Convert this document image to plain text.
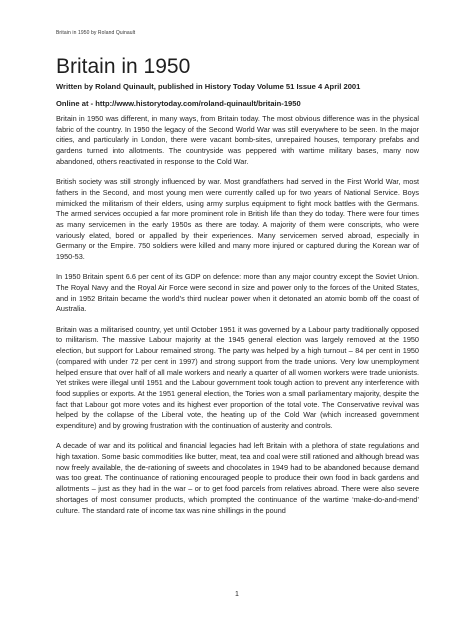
Britain in 1950 by Roland Quinault
Britain in 1950
Written by Roland Quinault, published in History Today Volume 51 Issue 4 April 2001
Online at - http://www.historytoday.com/roland-quinault/britain-1950

Britain in 1950 was different, in many ways, from Britain today. The most obvious difference was in the physical fabric of the country. In 1950 the legacy of the Second World War was still everywhere to be seen. In the major cities, and particularly in London, there were vacant bomb-sites, unrepaired houses, temporary prefabs and gardens turned into allotments. The countryside was peppered with wartime military bases, many now abandoned, others reactivated in response to the Cold War.

British society was still strongly influenced by war. Most grandfathers had served in the First World War, most fathers in the Second, and most young men were currently called up for two years of National Service. Boys mimicked the militarism of their elders, using army surplus equipment to fight mock battles with the Germans. The armed services occupied a far more prominent role in British life than they do today. There were four times as many servicemen in the early 1950s as there are today. A majority of them were conscripts, who were variously elated, bored or appalled by their experiences. Many servicemen served abroad, especially in Germany or the Empire. 750 soldiers were killed and many more injured or captured during the Korean war of 1950-53.

In 1950 Britain spent 6.6 per cent of its GDP on defence: more than any major country except the Soviet Union. The Royal Navy and the Royal Air Force were second in size and power only to the forces of the United States, and in 1952 Britain became the world’s third nuclear power when it detonated an atomic bomb off the coast of Australia.

Britain was a militarised country, yet until October 1951 it was governed by a Labour party traditionally opposed to militarism. The massive Labour majority at the 1945 general election was largely removed at the 1950 election, but support for Labour remained strong. The party was helped by a high turnout – 84 per cent in 1950 (compared with under 72 per cent in 1997) and strong support from the trade unions. Very low unemployment helped ensure that over half of all male workers and nearly a quarter of all women workers were trade unionists. Yet strikes were illegal until 1951 and the Labour government took tough action to prevent any interference with food supplies or exports. At the 1951 general election, the Tories won a small parliamentary majority, despite the fact that Labour got more votes and its highest ever proportion of the total vote. The Conservative revival was helped by the collapse of the Liberal vote, the heating up of the Cold War (which increased government expenditure) and by growing frustration with the continuation of austerity and controls.

A decade of war and its political and financial legacies had left Britain with a plethora of state regulations and high taxation. Some basic commodities like butter, meat, tea and coal were still rationed and although bread was now freely available, the de-rationing of sweets and chocolates in 1949 had to be abandoned because demand was too great. The continuance of rationing encouraged people to produce their own food in back gardens and allotments – just as they had in the war – or to get food parcels from relatives abroad. There were also severe shortages of most consumer products, which prompted the continuance of the wartime ‘make-do-and-mend’ culture. The standard rate of income tax was nine shillings in the pound

1
